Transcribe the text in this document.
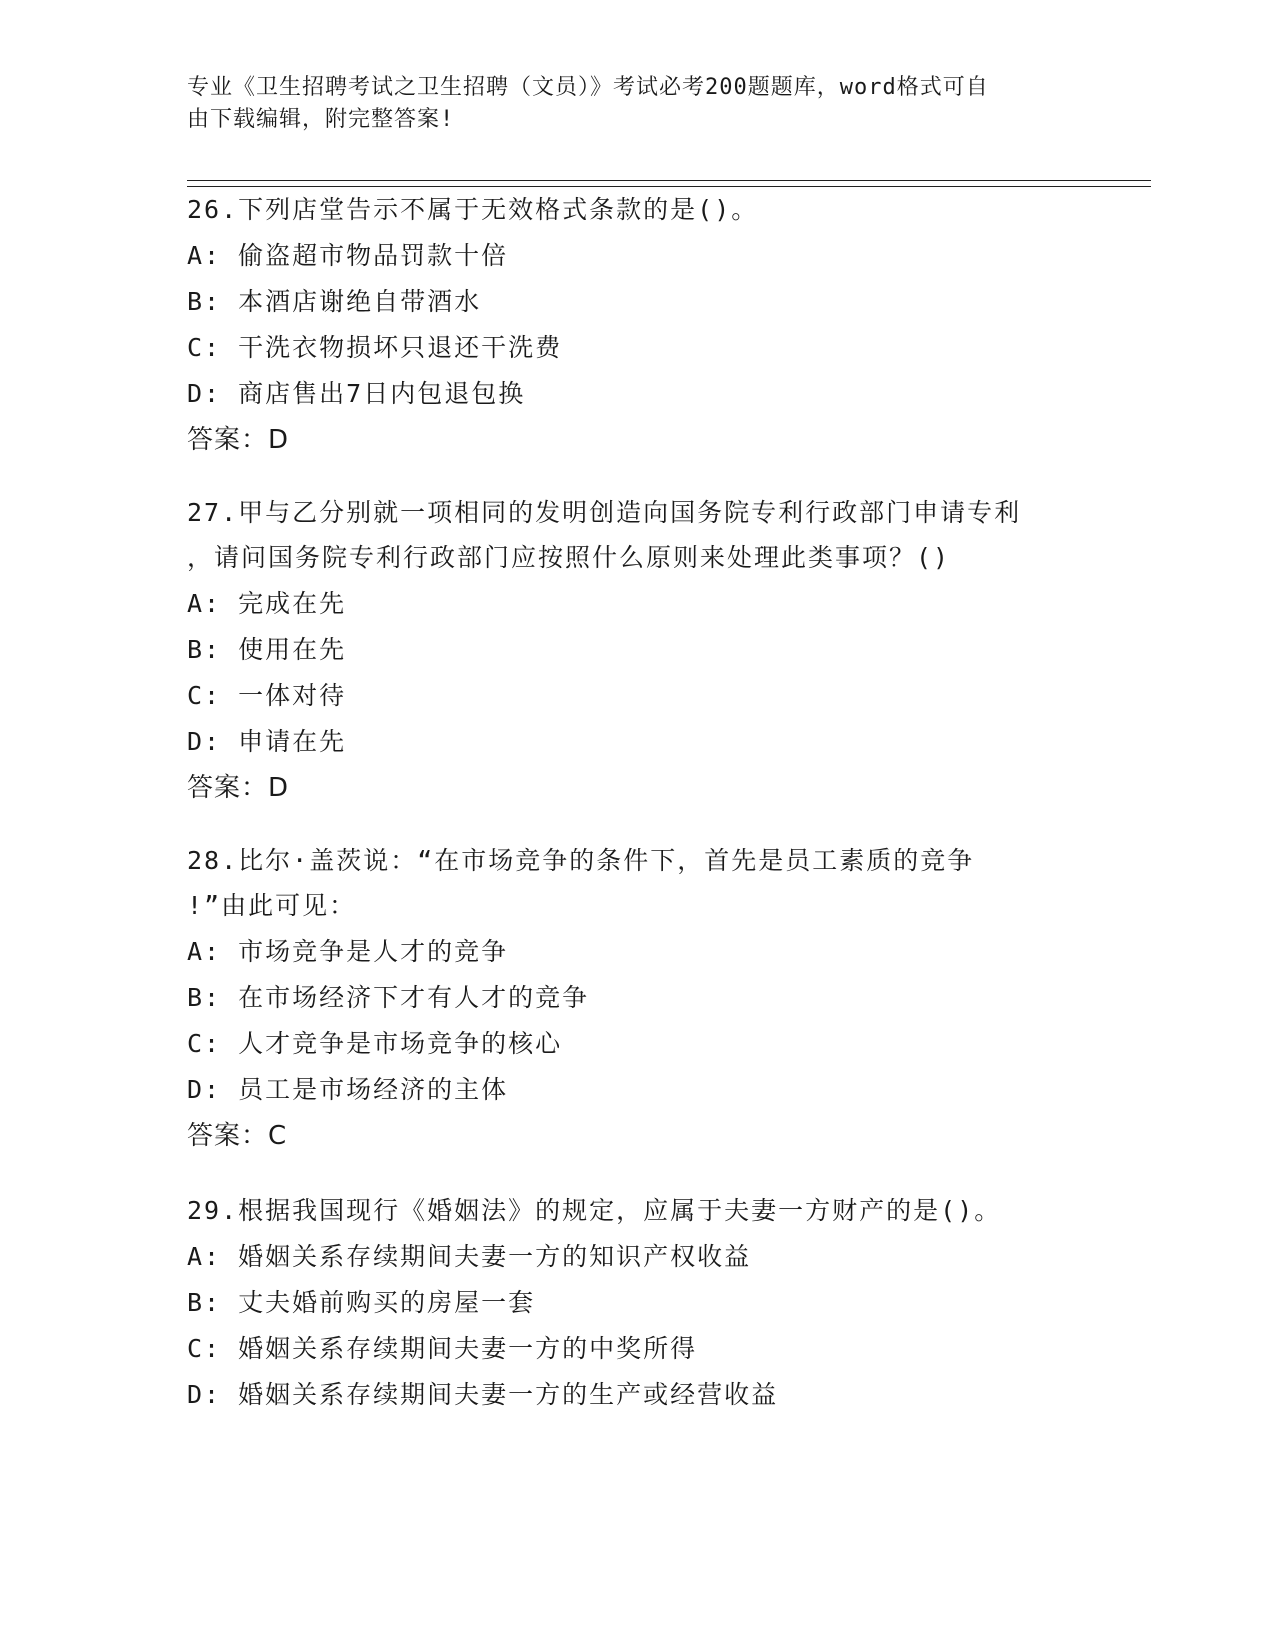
专业《卫生招聘考试之卫生招聘（文员）》考试必考200题题库，word格式可自

由下载编辑，附完整答案!

26.下列店堂告示不属于无效格式条款的是()。
A: 偷盗超市物品罚款十倍
B: 本酒店谢绝自带酒水
C: 干洗衣物损坏只退还干洗费
D: 商店售出7日内包退包换
答案：D
27.甲与乙分别就一项相同的发明创造向国务院专利行政部门申请专利
，请问国务院专利行政部门应按照什么原则来处理此类事项？()
A: 完成在先
B: 使用在先
C: 一体对待
D: 申请在先
答案：D
28.比尔·盖茨说：“在市场竞争的条件下，首先是员工素质的竞争
!”由此可见：
A: 市场竞争是人才的竞争
B: 在市场经济下才有人才的竞争
C: 人才竞争是市场竞争的核心
D: 员工是市场经济的主体
答案：C
29.根据我国现行《婚姻法》的规定，应属于夫妻一方财产的是()。
A: 婚姻关系存续期间夫妻一方的知识产权收益
B: 丈夫婚前购买的房屋一套
C: 婚姻关系存续期间夫妻一方的中奖所得
D: 婚姻关系存续期间夫妻一方的生产或经营收益
